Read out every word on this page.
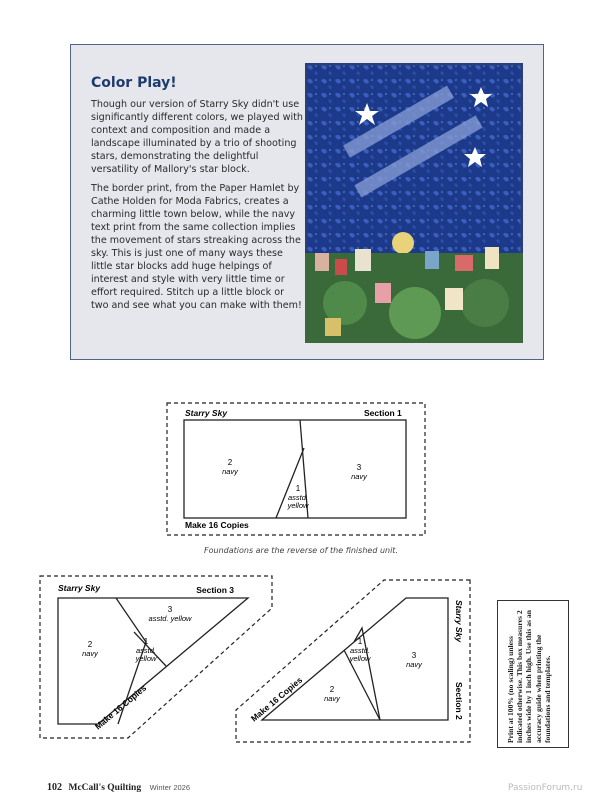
Color Play!

Though our version of Starry Sky didn't use significantly different colors, we played with context and composition and made a landscape illuminated by a trio of shooting stars, demonstrating the delightful versatility of Mallory's star block.

The border print, from the Paper Hamlet by Cathe Holden for Moda Fabrics, creates a charming little town below, while the navy text print from the same collection implies the movement of stars streaking across the sky. This is just one of many ways these little star blocks add huge helpings of interest and style with very little time or effort required. Stitch up a little block or two and see what you can make with them!

Starry Sky	Section 1
Make 16 Copies
2
navy
1
asstd.
yellow
3
navy
Foundations are the reverse of the finished unit.
Starry Sky	Section 3
3
asstd. yellow
2
navy
1
asstd.
yellow
Make 16 Copies
Starry Sky
Section 2
Make 16 Copies
1
asstd.
yellow	3
navy
2
navy	Print at 100% (no scaling) unless indicated otherwise. This box measures 2 inches wide by 1 inch high. Use this as an accuracy guide when printing the foundations and templates.
102 McCall's Quilting Winter 2026	PassionForum.ru
